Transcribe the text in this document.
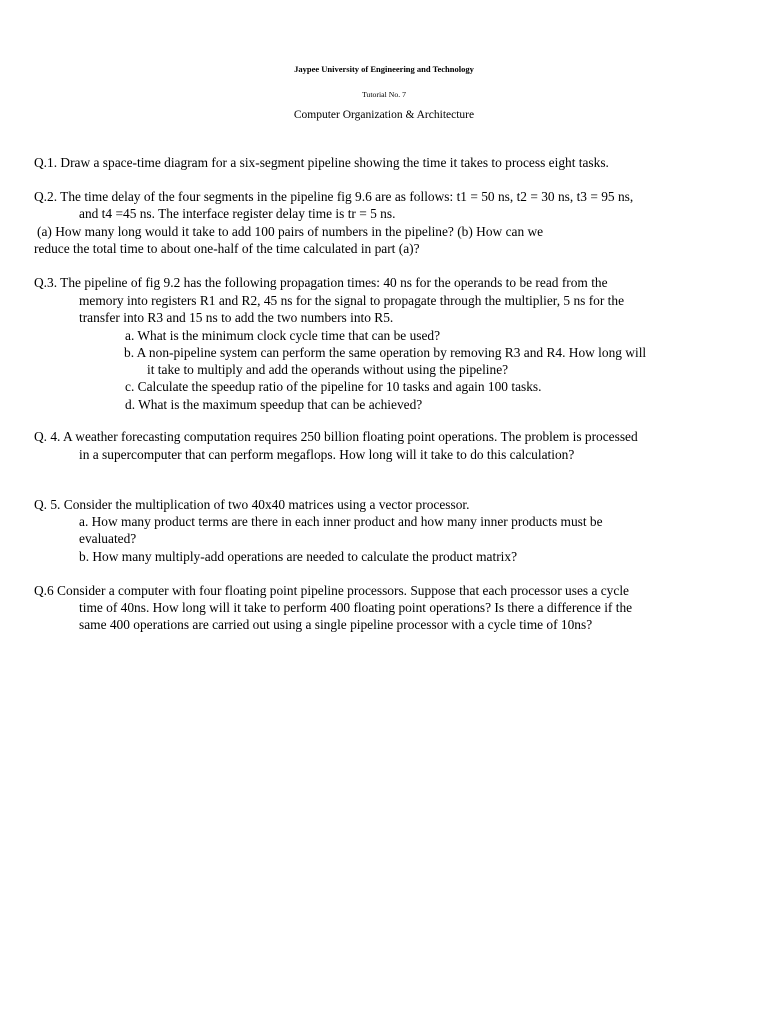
Jaypee University of Engineering and Technology
Tutorial No. 7
Computer Organization & Architecture
Q.1. Draw a space-time diagram for a six-segment pipeline showing the time it takes to process eight tasks.
Q.2. The time delay of the four segments in the pipeline fig 9.6 are as follows: t1 = 50 ns, t2 = 30 ns, t3 = 95 ns,
and t4 =45 ns. The interface register delay time is tr = 5 ns.
(a) How many long would it take to add 100 pairs of numbers in the pipeline? (b) How can we
reduce the total time to about one-half of the time calculated in part (a)?
Q.3. The pipeline of fig 9.2 has the following propagation times: 40 ns for the operands to be read from the
memory into registers R1 and R2, 45 ns for the signal to propagate through the multiplier, 5 ns for the
transfer into R3 and 15 ns to add the two numbers into R5.
a. What is the minimum clock cycle time that can be used?
b. A non-pipeline system can perform the same operation by removing R3 and R4. How long will
it take to multiply and add the operands without using the pipeline?
c. Calculate the speedup ratio of the pipeline for 10 tasks and again 100 tasks.
d. What is the maximum speedup that can be achieved?
Q. 4. A weather forecasting computation requires 250 billion floating point operations. The problem is processed
in a supercomputer that can perform megaflops. How long will it take to do this calculation?
Q. 5. Consider the multiplication of two 40x40 matrices using a vector processor.
a. How many product terms are there in each inner product and how many inner products must be
evaluated?
b. How many multiply-add operations are needed to calculate the product matrix?
Q.6 Consider a computer with four floating point pipeline processors. Suppose that each processor uses a cycle
time of 40ns. How long will it take to perform 400 floating point operations? Is there a difference if the
same 400 operations are carried out using a single pipeline processor with a cycle time of 10ns?
